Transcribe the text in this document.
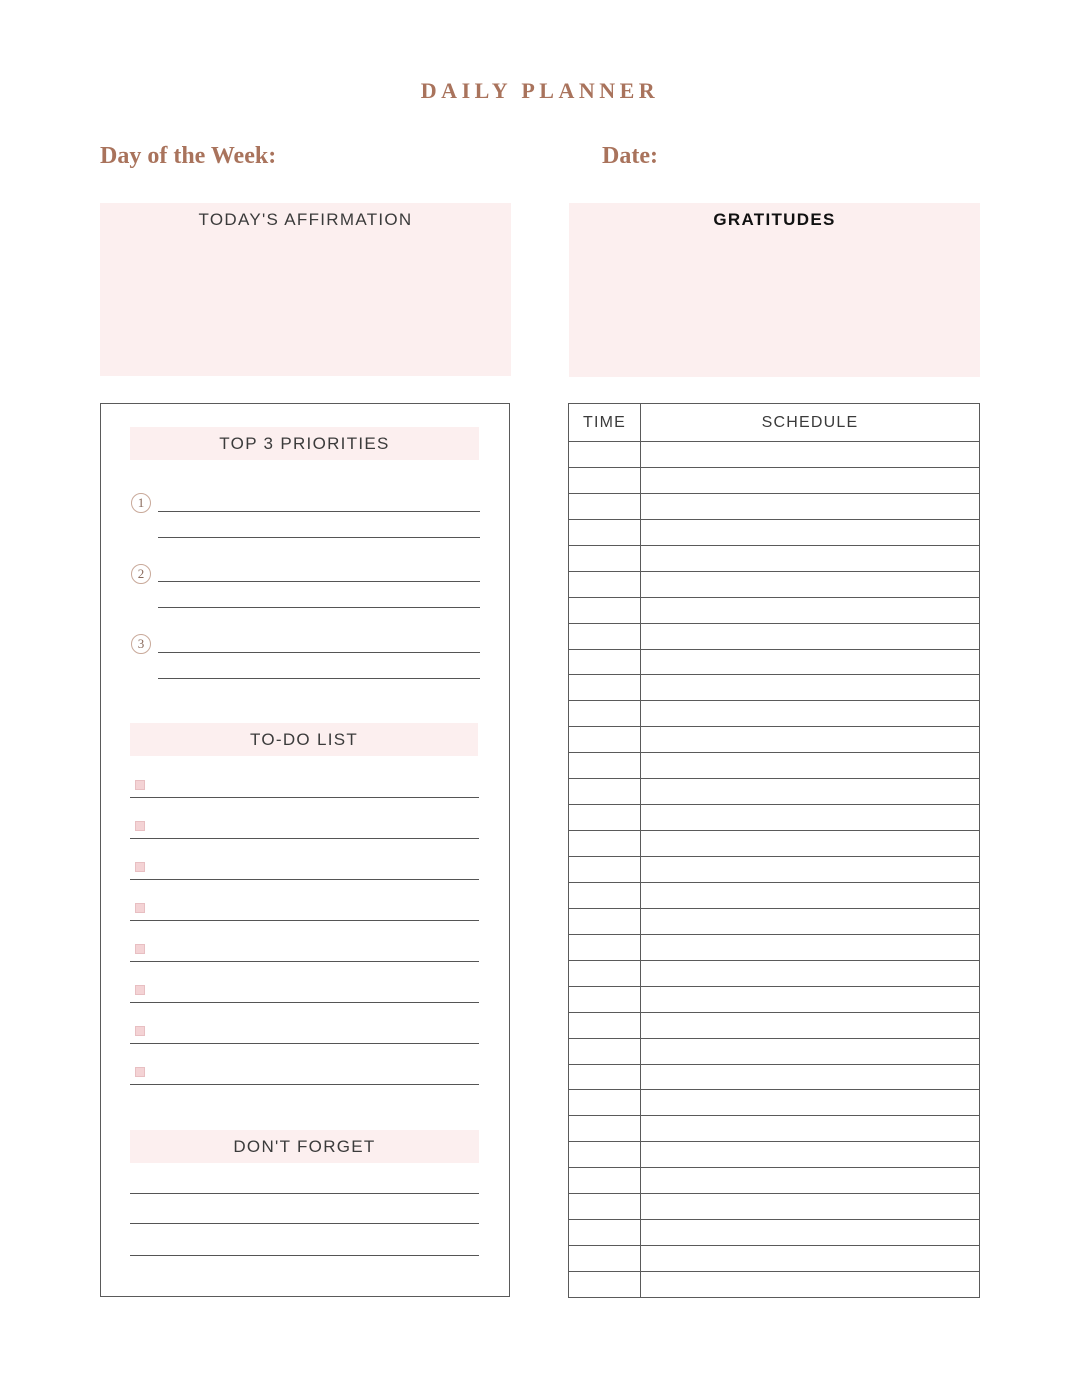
DAILY PLANNER
Day of the Week:	Date:
TODAY'S AFFIRMATION	GRATITUDES
TOP 3 PRIORITIES
1
2
3
TO-DO LIST
DON'T FORGET
TIME	SCHEDULE
